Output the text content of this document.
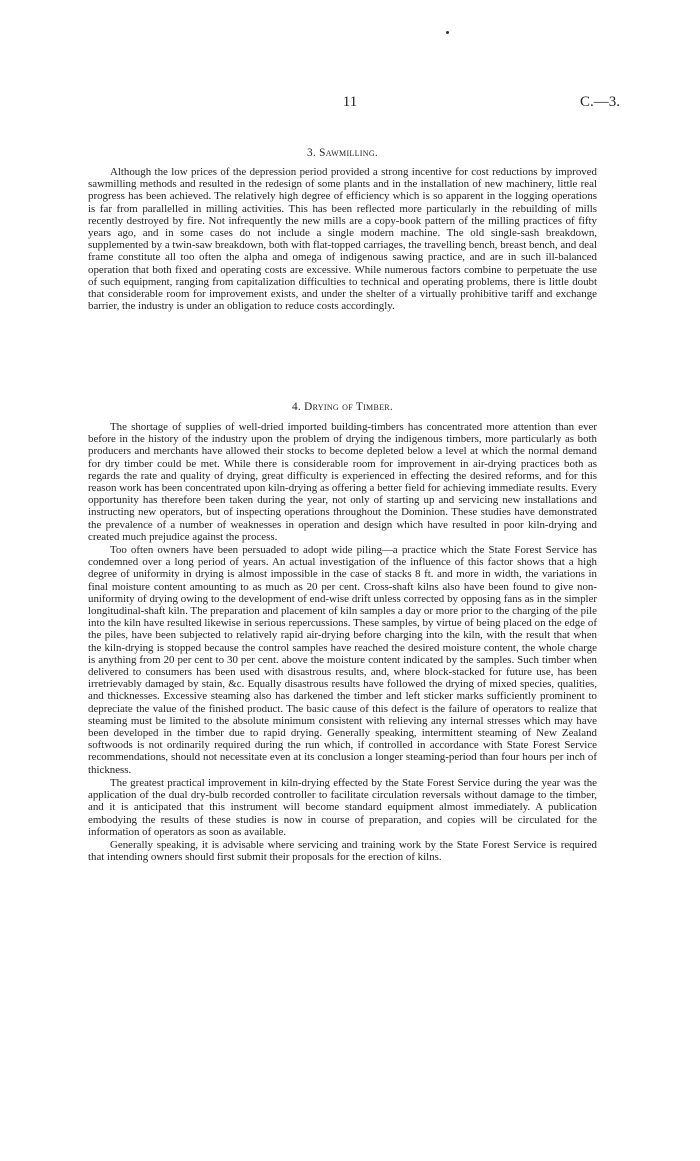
11	C.—3.
3. Sawmilling.

Although the low prices of the depression period provided a strong incentive for cost reductions by improved sawmilling methods and resulted in the redesign of some plants and in the installation of new machinery, little real progress has been achieved. The relatively high degree of efficiency which is so apparent in the logging operations is far from parallelled in milling activities. This has been reflected more particularly in the rebuilding of mills recently destroyed by fire. Not infrequently the new mills are a copy-book pattern of the milling practices of fifty years ago, and in some cases do not include a single modern machine. The old single-sash breakdown, supplemented by a twin-saw breakdown, both with flat-topped carriages, the travelling bench, breast bench, and deal frame constitute all too often the alpha and omega of indigenous sawing practice, and are in such ill-balanced operation that both fixed and operating costs are excessive. While numerous factors combine to perpetuate the use of such equipment, ranging from capitalization difficulties to technical and operating problems, there is little doubt that considerable room for improvement exists, and under the shelter of a virtually prohibitive tariff and exchange barrier, the industry is under an obligation to reduce costs accordingly.

4. Drying of Timber.

The shortage of supplies of well-dried imported building-timbers has concentrated more attention than ever before in the history of the industry upon the problem of drying the indigenous timbers, more particularly as both producers and merchants have allowed their stocks to become depleted below a level at which the normal demand for dry timber could be met. While there is considerable room for improvement in air-drying practices both as regards the rate and quality of drying, great difficulty is experienced in effecting the desired reforms, and for this reason work has been concentrated upon kiln-drying as offering a better field for achieving immediate results. Every opportunity has therefore been taken during the year, not only of starting up and servicing new installations and instructing new operators, but of inspecting operations throughout the Dominion. These studies have demonstrated the prevalence of a number of weaknesses in operation and design which have resulted in poor kiln-drying and created much prejudice against the process.

Too often owners have been persuaded to adopt wide piling—a practice which the State Forest Service has condemned over a long period of years. An actual investigation of the influence of this factor shows that a high degree of uniformity in drying is almost impossible in the case of stacks 8 ft. and more in width, the variations in final moisture content amounting to as much as 20 per cent. Cross-shaft kilns also have been found to give non-uniformity of drying owing to the development of end-wise drift unless corrected by opposing fans as in the simpler longitudinal-shaft kiln. The preparation and placement of kiln samples a day or more prior to the charging of the pile into the kiln have resulted likewise in serious repercussions. These samples, by virtue of being placed on the edge of the piles, have been subjected to relatively rapid air-drying before charging into the kiln, with the result that when the kiln-drying is stopped because the control samples have reached the desired moisture content, the whole charge is anything from 20 per cent to 30 per cent. above the moisture content indicated by the samples. Such timber when delivered to consumers has been used with disastrous results, and, where block-stacked for future use, has been irretrievably damaged by stain, &c. Equally disastrous results have followed the drying of mixed species, qualities, and thicknesses. Excessive steaming also has darkened the timber and left sticker marks sufficiently prominent to depreciate the value of the finished product. The basic cause of this defect is the failure of operators to realize that steaming must be limited to the absolute minimum consistent with relieving any internal stresses which may have been developed in the timber due to rapid drying. Generally speaking, intermittent steaming of New Zealand softwoods is not ordinarily required during the run which, if controlled in accordance with State Forest Service recommendations, should not necessitate even at its conclusion a longer steaming-period than four hours per inch of thickness.

The greatest practical improvement in kiln-drying effected by the State Forest Service during the year was the application of the dual dry-bulb recorded controller to facilitate circulation reversals without damage to the timber, and it is anticipated that this instrument will become standard equipment almost immediately. A publication embodying the results of these studies is now in course of preparation, and copies will be circulated for the information of operators as soon as available.

Generally speaking, it is advisable where servicing and training work by the State Forest Service is required that intending owners should first submit their proposals for the erection of kilns.
